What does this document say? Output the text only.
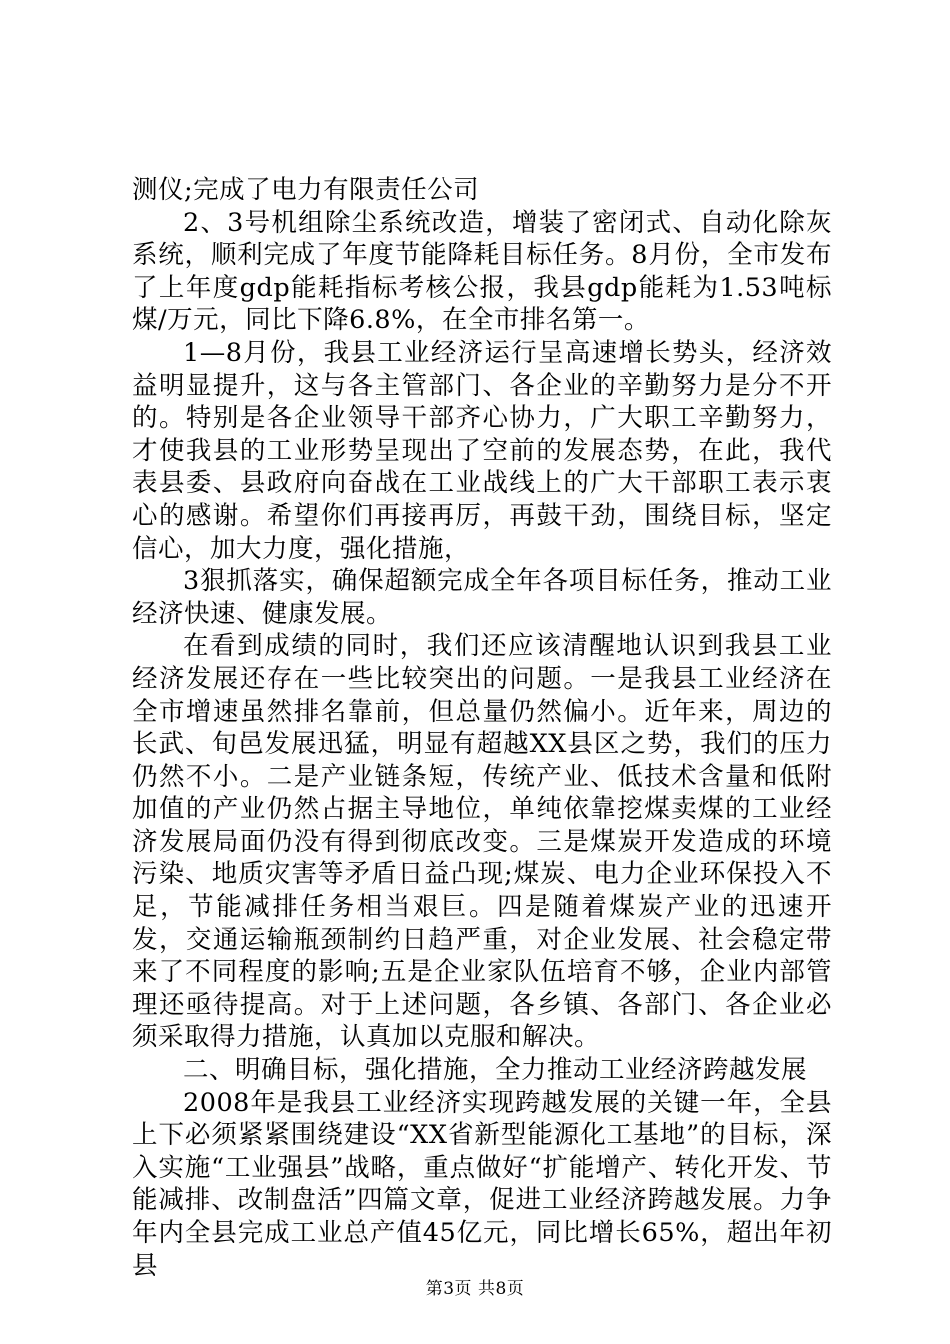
测仪;完成了电力有限责任公司

2、3号机组除尘系统改造，增装了密闭式、自动化除灰系统，顺利完成了年度节能降耗目标任务。8月份，全市发布了上年度gdp能耗指标考核公报，我县gdp能耗为1.53吨标煤/万元，同比下降6.8%，在全市排名第一。

1—8月份，我县工业经济运行呈高速增长势头，经济效益明显提升，这与各主管部门、各企业的辛勤努力是分不开的。特别是各企业领导干部齐心协力，广大职工辛勤努力，才使我县的工业形势呈现出了空前的发展态势，在此，我代表县委、县政府向奋战在工业战线上的广大干部职工表示衷心的感谢。希望你们再接再厉，再鼓干劲，围绕目标，坚定信心，加大力度，强化措施，

3狠抓落实，确保超额完成全年各项目标任务，推动工业经济快速、健康发展。

在看到成绩的同时，我们还应该清醒地认识到我县工业经济发展还存在一些比较突出的问题。一是我县工业经济在全市增速虽然排名靠前，但总量仍然偏小。近年来，周边的长武、旬邑发展迅猛，明显有超越XX县区之势，我们的压力仍然不小。二是产业链条短，传统产业、低技术含量和低附加值的产业仍然占据主导地位，单纯依靠挖煤卖煤的工业经济发展局面仍没有得到彻底改变。三是煤炭开发造成的环境污染、地质灾害等矛盾日益凸现;煤炭、电力企业环保投入不足，节能减排任务相当艰巨。四是随着煤炭产业的迅速开发，交通运输瓶颈制约日趋严重，对企业发展、社会稳定带来了不同程度的影响;五是企业家队伍培育不够，企业内部管理还亟待提高。对于上述问题，各乡镇、各部门、各企业必须采取得力措施，认真加以克服和解决。

二、明确目标，强化措施，全力推动工业经济跨越发展

2008年是我县工业经济实现跨越发展的关键一年，全县上下必须紧紧围绕建设“XX省新型能源化工基地”的目标，深入实施“工业强县”战略，重点做好“扩能增产、转化开发、节能减排、改制盘活”四篇文章，促进工业经济跨越发展。力争年内全县完成工业总产值45亿元，同比增长65%，超出年初县

第3页 共8页
